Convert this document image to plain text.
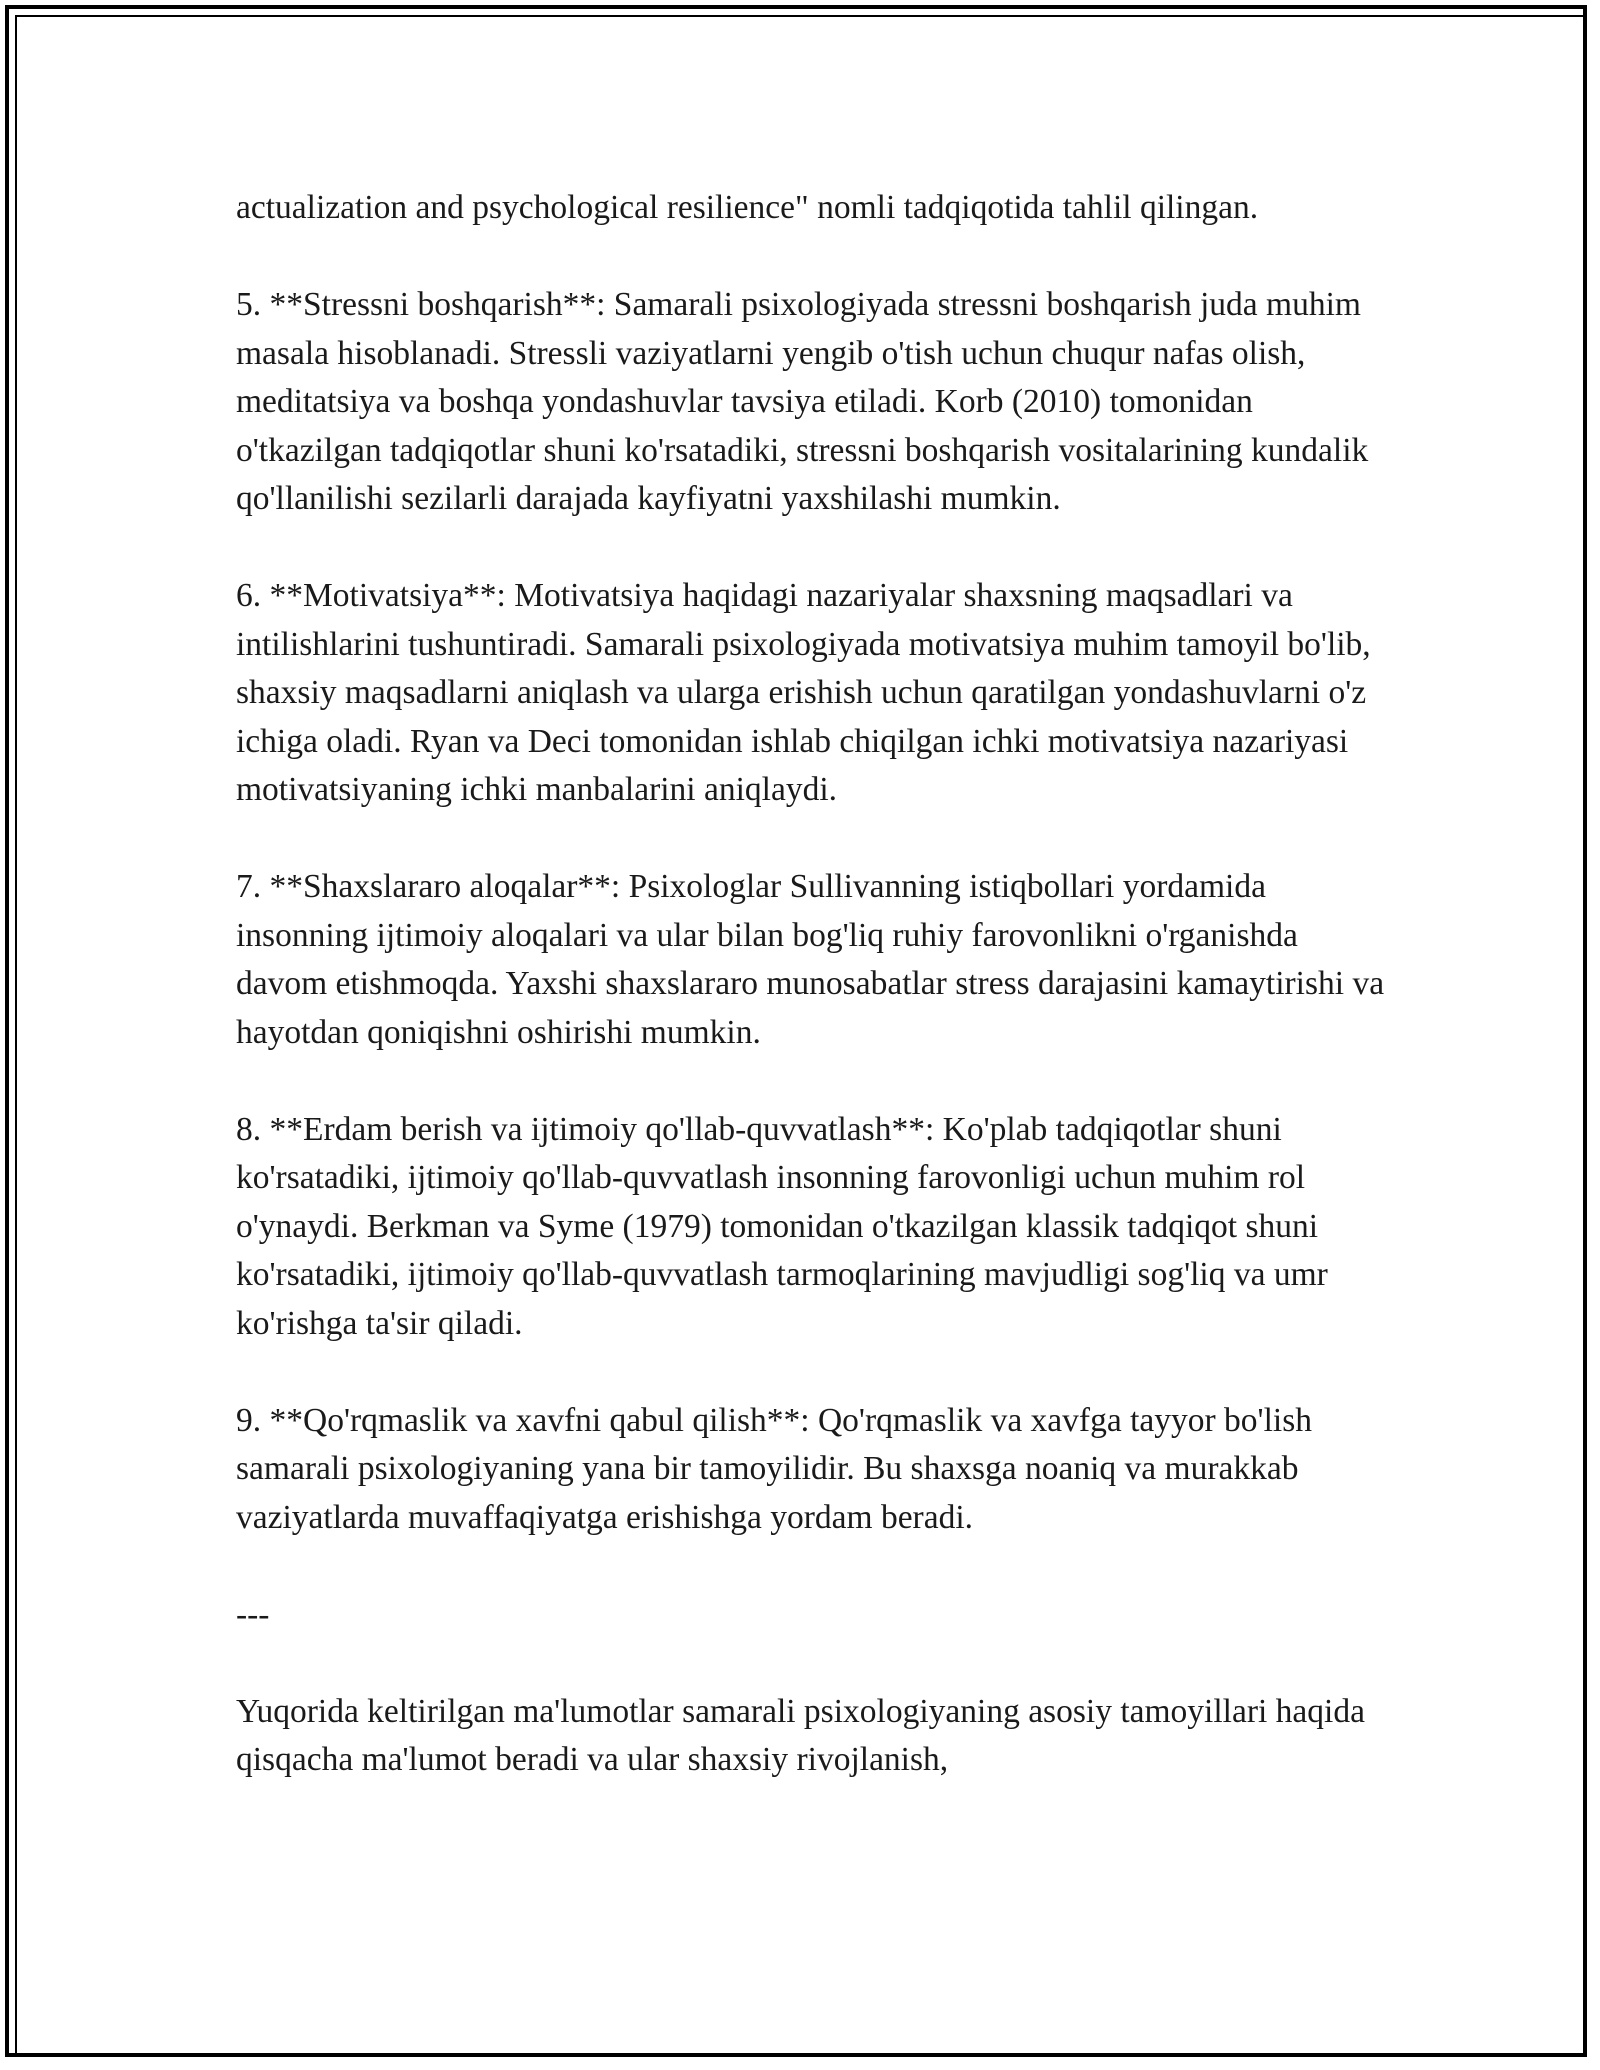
actualization and psychological resilience" nomli tadqiqotida tahlil qilingan.

5. **Stressni boshqarish**: Samarali psixologiyada stressni boshqarish juda muhim masala hisoblanadi. Stressli vaziyatlarni yengib o'tish uchun chuqur nafas olish, meditatsiya va boshqa yondashuvlar tavsiya etiladi. Korb (2010) tomonidan o'tkazilgan tadqiqotlar shuni ko'rsatadiki, stressni boshqarish vositalarining kundalik qo'llanilishi sezilarli darajada kayfiyatni yaxshilashi mumkin.

6. **Motivatsiya**: Motivatsiya haqidagi nazariyalar shaxsning maqsadlari va intilishlarini tushuntiradi. Samarali psixologiyada motivatsiya muhim tamoyil bo'lib, shaxsiy maqsadlarni aniqlash va ularga erishish uchun qaratilgan yondashuvlarni o'z ichiga oladi. Ryan va Deci tomonidan ishlab chiqilgan ichki motivatsiya nazariyasi motivatsiyaning ichki manbalarini aniqlaydi.

7. **Shaxslararo aloqalar**: Psixologlar Sullivanning istiqbollari yordamida insonning ijtimoiy aloqalari va ular bilan bog'liq ruhiy farovonlikni o'rganishda davom etishmoqda. Yaxshi shaxslararo munosabatlar stress darajasini kamaytirishi va hayotdan qoniqishni oshirishi mumkin.

8. **Erdam berish va ijtimoiy qo'llab-quvvatlash**: Ko'plab tadqiqotlar shuni ko'rsatadiki, ijtimoiy qo'llab-quvvatlash insonning farovonligi uchun muhim rol o'ynaydi. Berkman va Syme (1979) tomonidan o'tkazilgan klassik tadqiqot shuni ko'rsatadiki, ijtimoiy qo'llab-quvvatlash tarmoqlarining mavjudligi sog'liq va umr ko'rishga ta'sir qiladi.

9. **Qo'rqmaslik va xavfni qabul qilish**: Qo'rqmaslik va xavfga tayyor bo'lish samarali psixologiyaning yana bir tamoyilidir. Bu shaxsga noaniq va murakkab vaziyatlarda muvaffaqiyatga erishishga yordam beradi.

---

Yuqorida keltirilgan ma'lumotlar samarali psixologiyaning asosiy tamoyillari haqida qisqacha ma'lumot beradi va ular shaxsiy rivojlanish,
